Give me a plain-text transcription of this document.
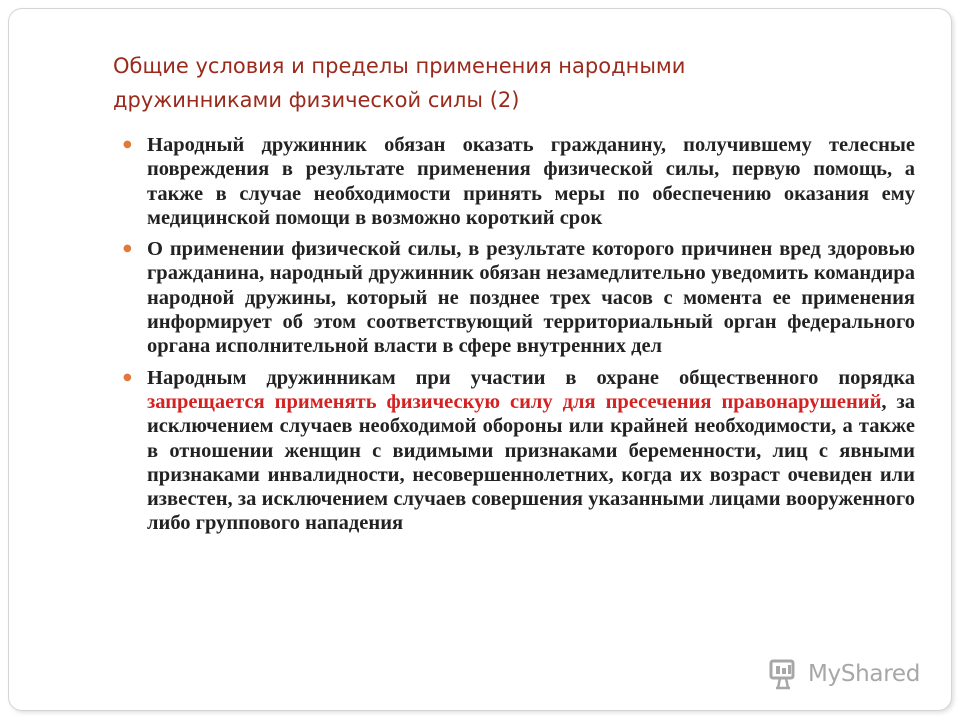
Общие условия и пределы применения народными
дружинниками физической силы (2)
● Народный дружинник обязан оказать гражданину, получившему телесные повреждения в результате применения физической силы, первую помощь, а также в случае необходимости принять меры по обеспечению оказания ему медицинской помощи в возможно короткий срок
● О применении физической силы, в результате которого причинен вред здоровью гражданина, народный дружинник обязан незамедлительно уведомить командира народной дружины, который не позднее трех часов с момента ее применения информирует об этом соответствующий территориальный орган федерального органа исполнительной власти в сфере внутренних дел
● Народным дружинникам при участии в охране общественного порядка запрещается применять физическую силу для пресечения правонарушений, за исключением случаев необходимой обороны или крайней необходимости, а также в отношении женщин с видимыми признаками беременности, лиц с явными признаками инвалидности, несовершеннолетних, когда их возраст очевиден или известен, за исключением случаев совершения указанными лицами вооруженного либо группового нападения
MyShared
